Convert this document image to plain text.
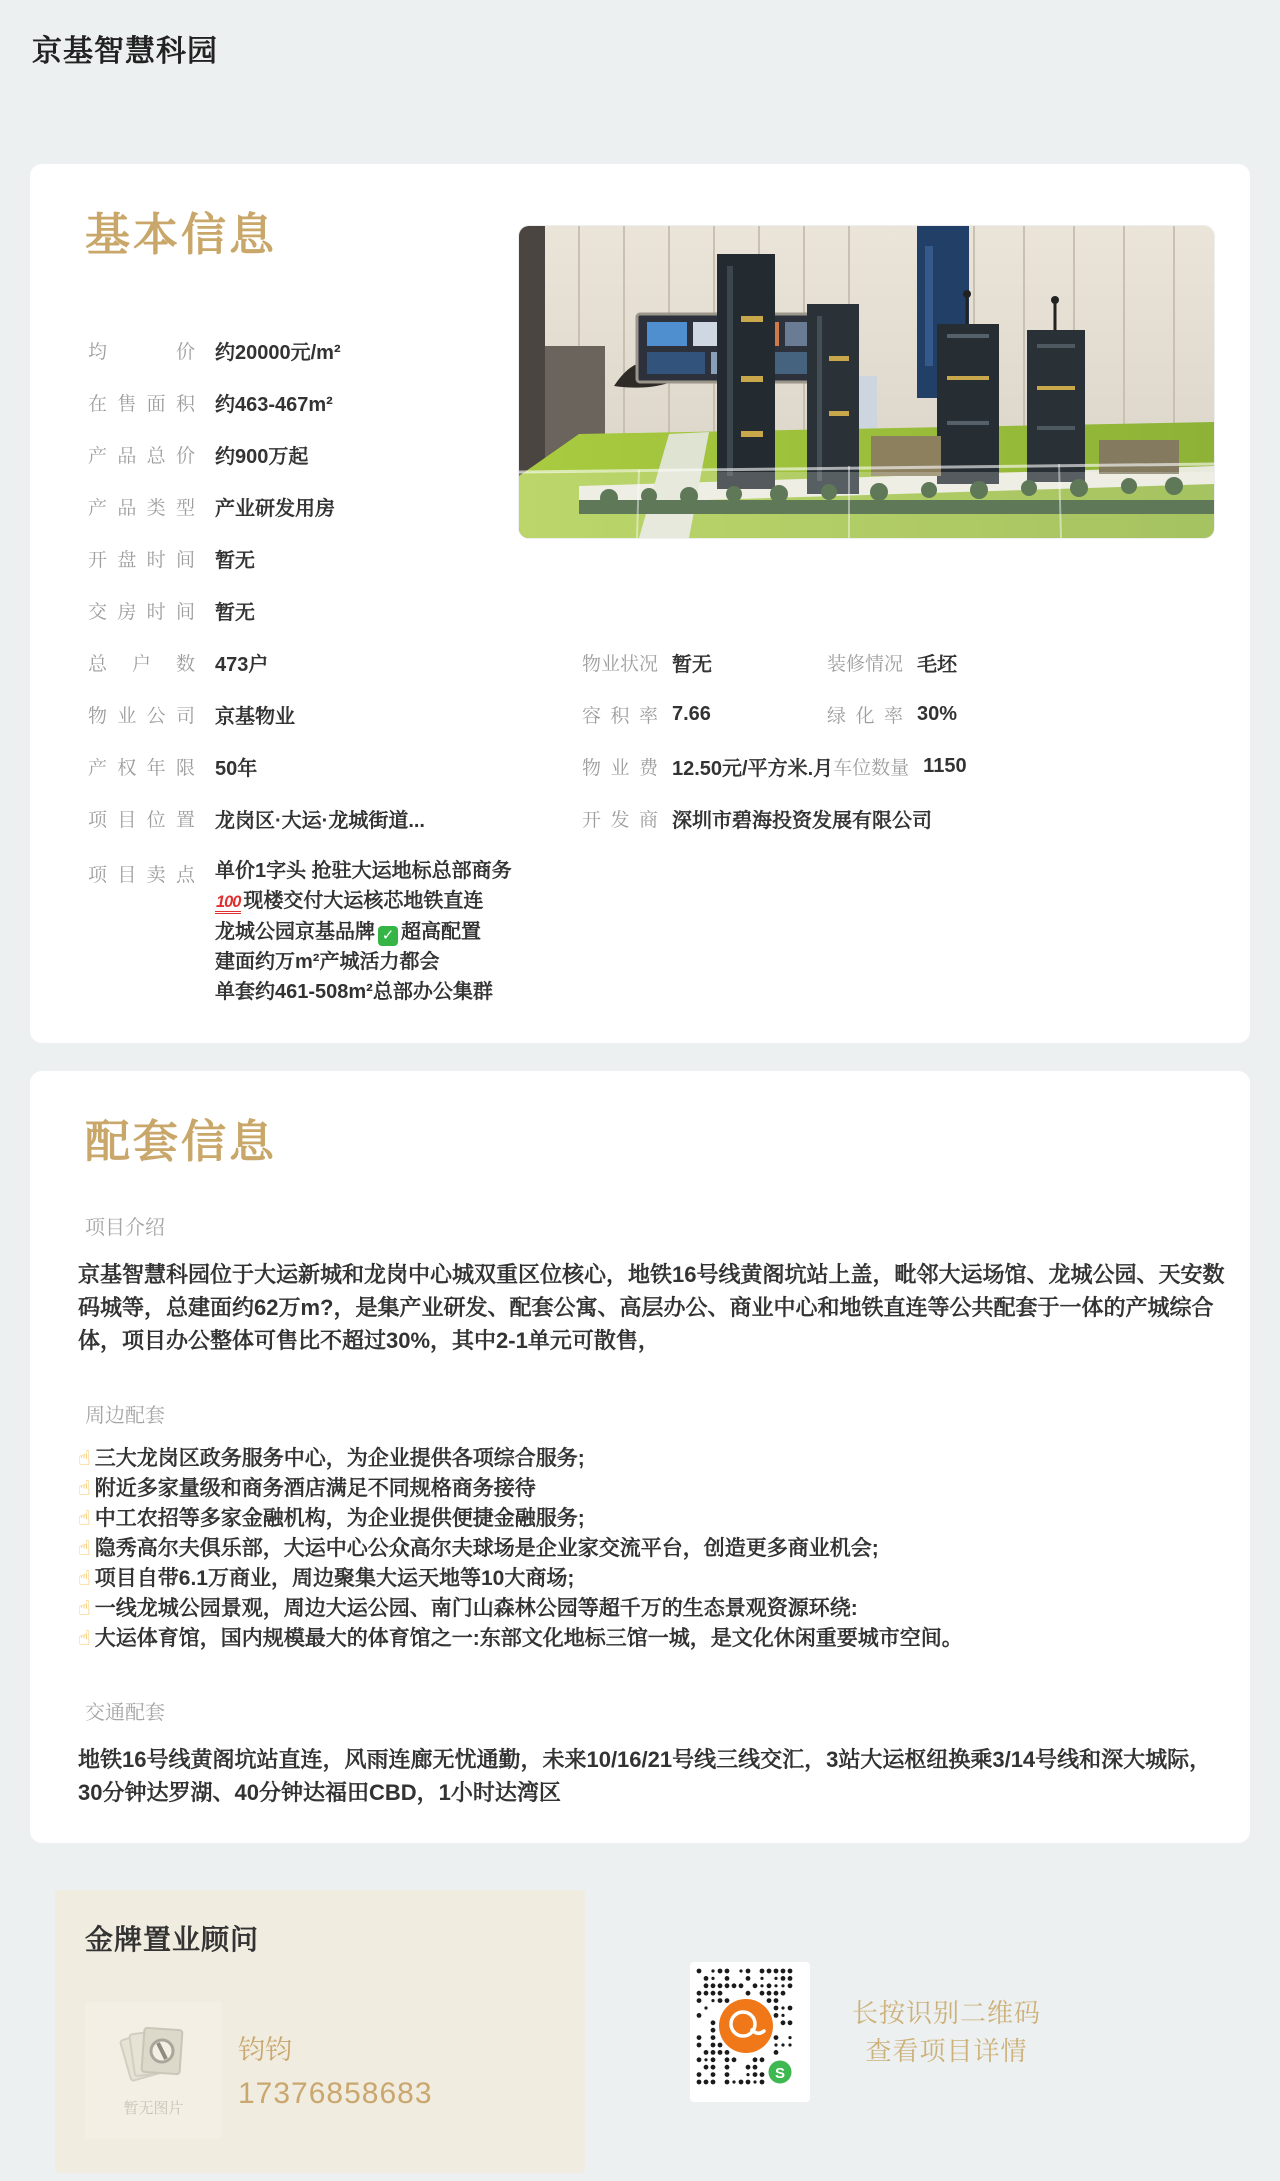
京基智慧科园
基本信息
均价 约20000元/m²
在售面积 约463-467m²
产品总价 约900万起
产品类型 产业研发用房
开盘时间 暂无
交房时间 暂无
总户数 473户	物业状况 暂无	装修情况 毛坯
物业公司 京基物业	容积率 7.66	绿化率 30%
产权年限 50年	物业费 12.50元/平方米.月 车位数量 1150
项目位置 龙岗区·大运·龙城街道...	开发商 深圳市碧海投资发展有限公司
项目卖点 单价1字头 抢驻大运地标总部商务
100 现楼交付大运核芯地铁直连
龙城公园京基品牌 ✓ 超高配置
建面约万m²产城活力都会
单套约461-508m²总部办公集群
配套信息
项目介绍
京基智慧科园位于大运新城和龙岗中心城双重区位核心，地铁16号线黄阁坑站上盖，毗邻大运场馆、龙城公园、天安数码城等，总建面约62万m?，是集产业研发、配套公寓、高层办公、商业中心和地铁直连等公共配套于一体的产城综合体，项目办公整体可售比不超过30%，其中2-1单元可散售，
周边配套
☝ 三大龙岗区政务服务中心，为企业提供各项综合服务;
☝ 附近多家量级和商务酒店满足不同规格商务接待
☝ 中工农招等多家金融机构，为企业提供便捷金融服务;
☝ 隐秀高尔夫俱乐部，大运中心公众高尔夫球场是企业家交流平台，创造更多商业机会;
☝ 项目自带6.1万商业，周边聚集大运天地等10大商场;
☝ 一线龙城公园景观，周边大运公园、南门山森林公园等超千万的生态景观资源环绕:
☝ 大运体育馆，国内规模最大的体育馆之一:东部文化地标三馆一城，是文化休闲重要城市空间。
交通配套
地铁16号线黄阁坑站直连，风雨连廊无忧通勤，未来10/16/21号线三线交汇，3站大运枢纽换乘3/14号线和深大城际，30分钟达罗湖、40分钟达福田CBD，1小时达湾区
金牌置业顾问
暂无图片
钧钧
17376858683
S
长按识别二维码
查看项目详情
